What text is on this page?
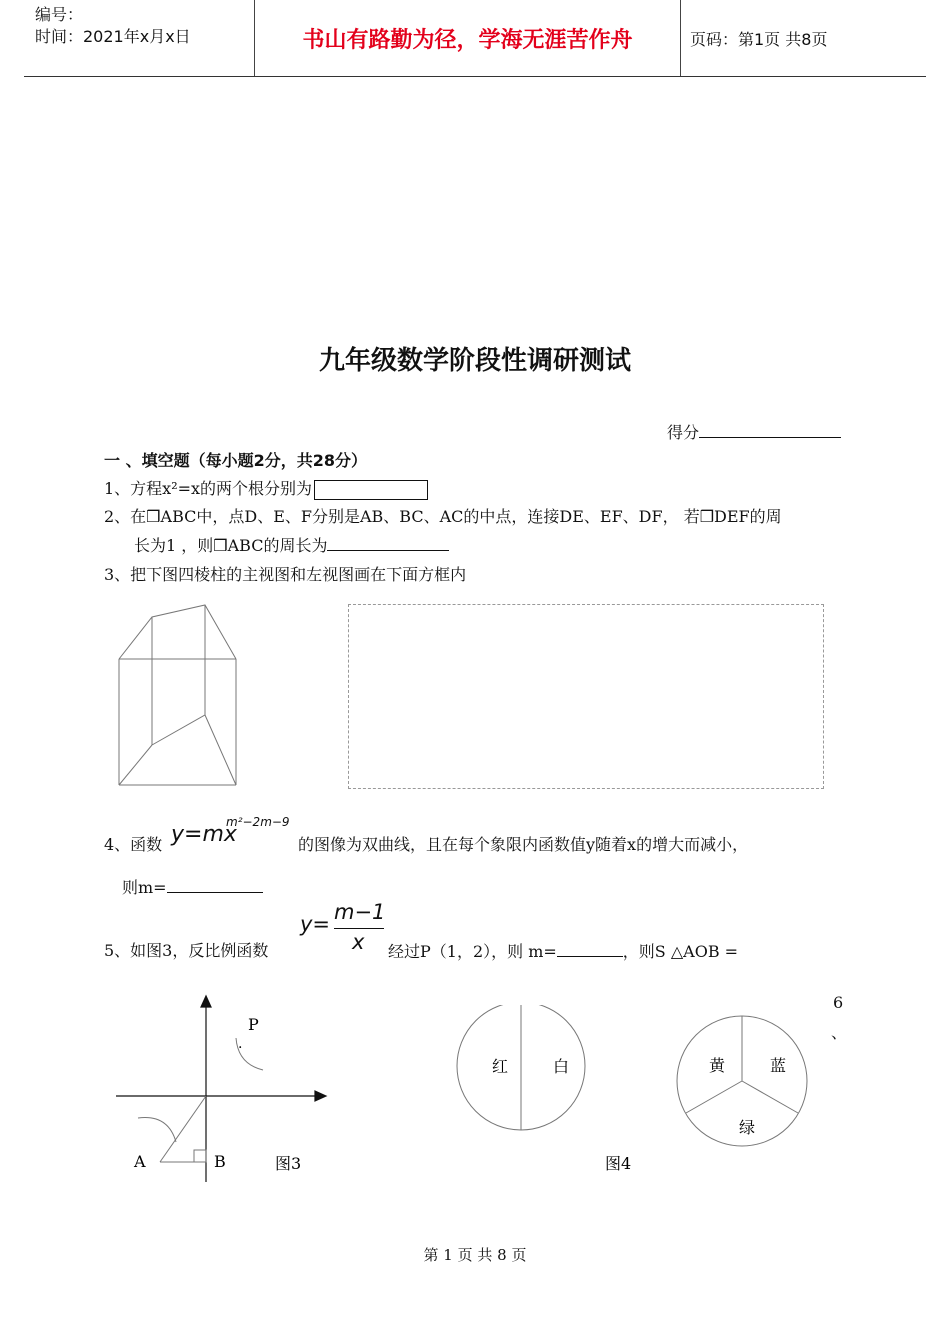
编号：
时间：2021年x月x日	书山有路勤为径，学海无涯苦作舟	页码：第1页 共8页
九年级数学阶段性调研测试
得分
一 、填空题（每小题2分，共28分）
1、方程x²=x的两个根分别为
2、在❒ABC中，点D、E、F分别是AB、BC、AC的中点，连接DE、EF、DF， 若❒DEF的周
长为1 ，则❒ABC的周长为
3、把下图四棱柱的主视图和左视图画在下面方框内
4、函数 y=mx
m²−2m−9
的图像为双曲线，且在每个象限内函数值y随着x的增大而减小，
则m=
5、如图3，反比例函数
y= m−1
x 经过P（1，2），则 m=	，则S △AOB =
6
、
P
.
A	B	图3
红	白
图4
黄	蓝
绿
第 1 页 共 8 页
